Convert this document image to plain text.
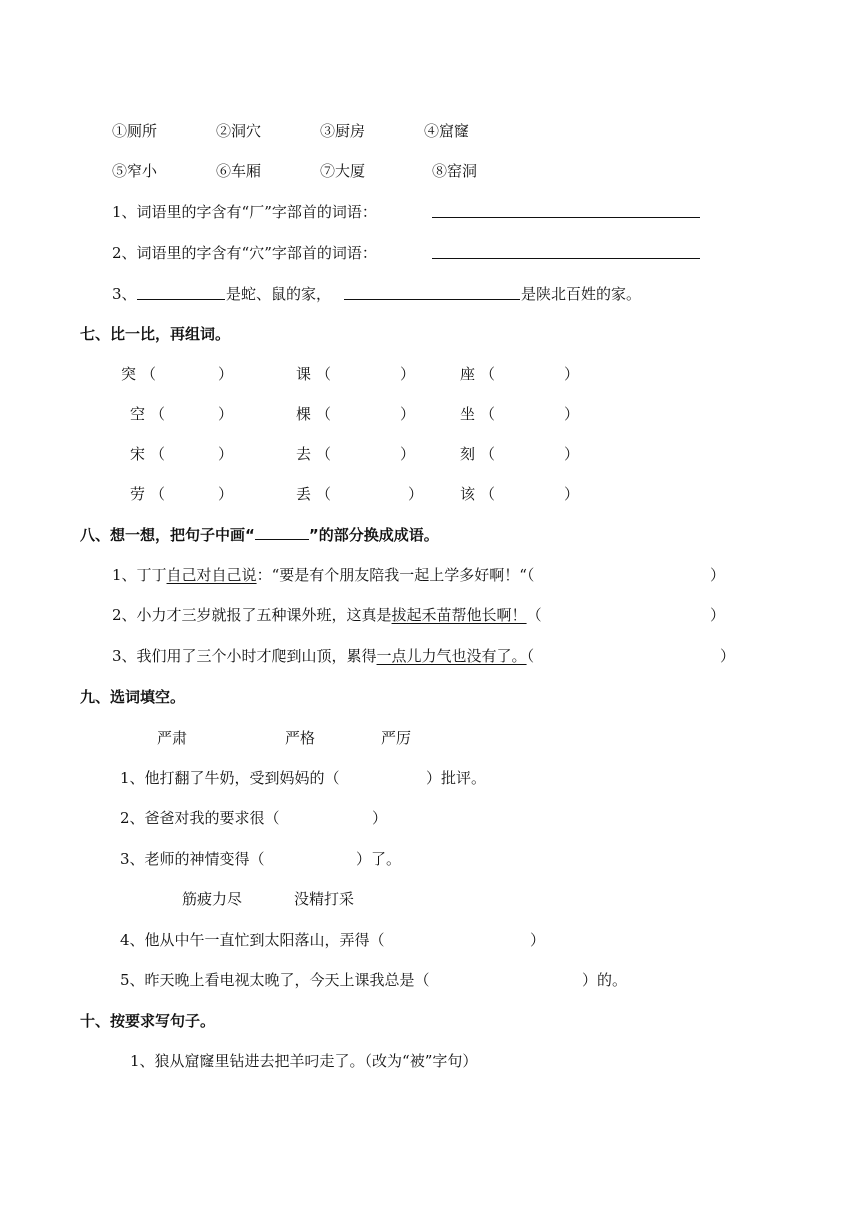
①厕所	②洞穴	③厨房	④窟窿
⑤窄小	⑥车厢	⑦大厦	⑧窑洞
1、词语里的字含有“厂”字部首的词语：
2、词语里的字含有“穴”字部首的词语：
3、	是蛇、鼠的家，	是陕北百姓的家。
七、比一比，再组词。
突 （	）	课 （	）	座 （	）
空 （	）	棵 （	）	坐 （	）
宋 （	）	去 （	）	刻 （	）
劳 （	）	丢 （	） 该 （	）
八、想一想，把句子中画“	”的部分换成成语。
1、丁丁自己对自己说：“要是有个朋友陪我一起上学多好啊！“（	）
2、小力才三岁就报了五种课外班，这真是拔起禾苗帮他长啊！（	）
3、我们用了三个小时才爬到山顶，累得一点儿力气也没有了。（	）
九、选词填空。
严肃	严格	严厉
1、他打翻了牛奶，受到妈妈的（	）批评。
2、爸爸对我的要求很（	）
3、老师的神情变得（	）了。
筋疲力尽	没精打采
4、他从中午一直忙到太阳落山，弄得（	）
5、昨天晚上看电视太晚了，今天上课我总是（	）的。
十、按要求写句子。
1、狼从窟窿里钻进去把羊叼走了。（改为“被”字句）
